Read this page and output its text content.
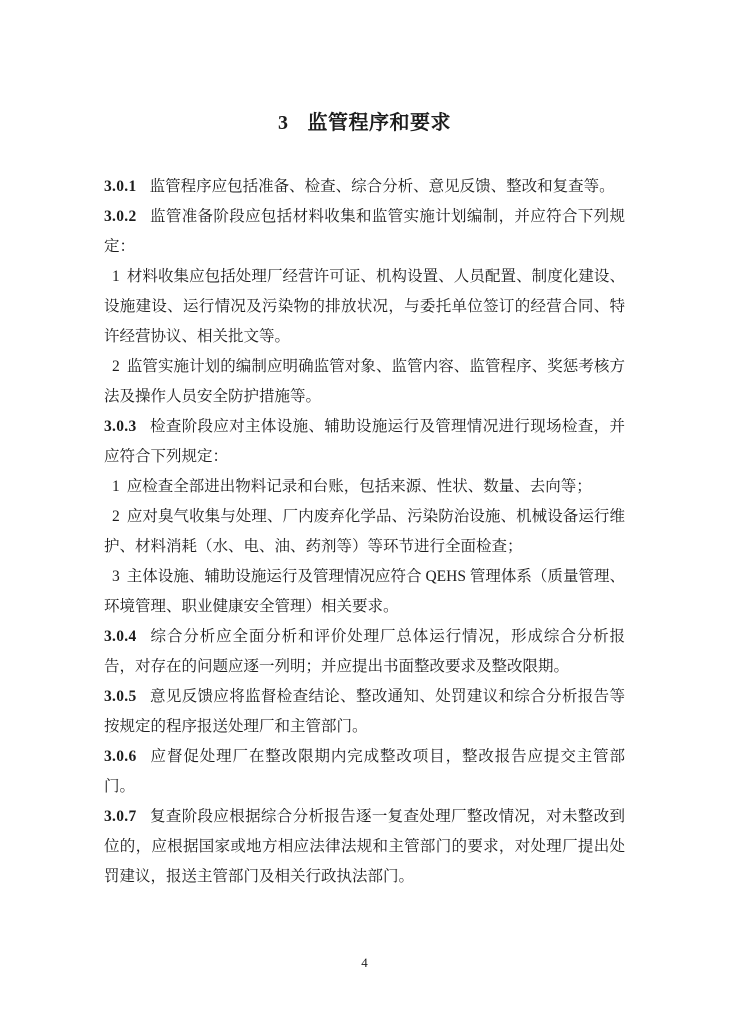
3 监管程序和要求

3.0.1 监管程序应包括准备、检查、综合分析、意见反馈、整改和复查等。

3.0.2 监管准备阶段应包括材料收集和监管实施计划编制，并应符合下列规定：

1 材料收集应包括处理厂经营许可证、机构设置、人员配置、制度化建设、设施建设、运行情况及污染物的排放状况，与委托单位签订的经营合同、特许经营协议、相关批文等。

2 监管实施计划的编制应明确监管对象、监管内容、监管程序、奖惩考核方法及操作人员安全防护措施等。

3.0.3 检查阶段应对主体设施、辅助设施运行及管理情况进行现场检查，并应符合下列规定：

1 应检查全部进出物料记录和台账，包括来源、性状、数量、去向等；

2 应对臭气收集与处理、厂内废弃化学品、污染防治设施、机械设备运行维护、材料消耗（水、电、油、药剂等）等环节进行全面检查；

3 主体设施、辅助设施运行及管理情况应符合 QEHS 管理体系（质量管理、环境管理、职业健康安全管理）相关要求。

3.0.4 综合分析应全面分析和评价处理厂总体运行情况，形成综合分析报告，对存在的问题应逐一列明；并应提出书面整改要求及整改限期。

3.0.5 意见反馈应将监督检查结论、整改通知、处罚建议和综合分析报告等按规定的程序报送处理厂和主管部门。

3.0.6 应督促处理厂在整改限期内完成整改项目，整改报告应提交主管部门。

3.0.7 复查阶段应根据综合分析报告逐一复查处理厂整改情况，对未整改到位的，应根据国家或地方相应法律法规和主管部门的要求，对处理厂提出处罚建议，报送主管部门及相关行政执法部门。

4
